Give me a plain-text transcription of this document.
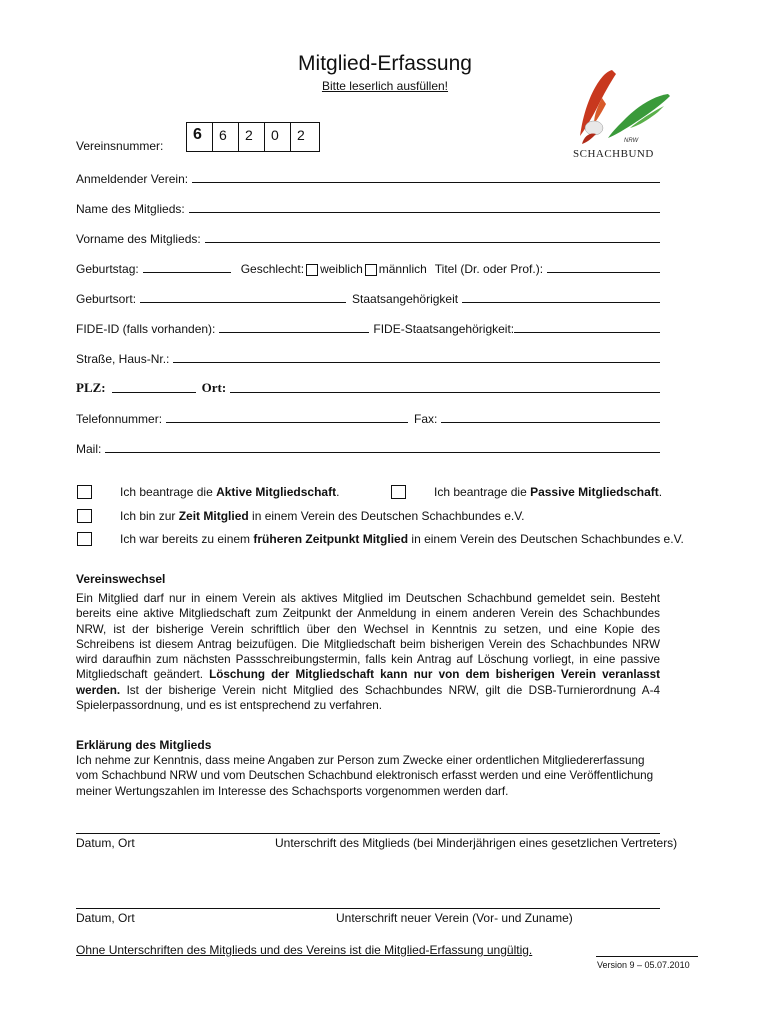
Mitglied-Erfassung
Bitte leserlich ausfüllen!
NRW
SCHACHBUND
Vereinsnummer:
6	6	2	0	2
Anmeldender Verein:
Name des Mitglieds:
Vorname des Mitglieds:
Geburtstag:	Geschlecht: weiblich männlich Titel (Dr. oder Prof.):
Geburtsort:	Staatsangehörigkeit
FIDE-ID (falls vorhanden):	FIDE-Staatsangehörigkeit:
Straße, Haus-Nr.:
PLZ:	Ort:
Telefonnummer:	Fax:
Mail:
Ich beantrage die Aktive Mitgliedschaft.	Ich beantrage die Passive Mitgliedschaft.
Ich bin zur Zeit Mitglied in einem Verein des Deutschen Schachbundes e.V.
Ich war bereits zu einem früheren Zeitpunkt Mitglied in einem Verein des Deutschen Schachbundes e.V.
Vereinswechsel
Ein Mitglied darf nur in einem Verein als aktives Mitglied im Deutschen Schachbund gemeldet sein. Besteht bereits eine aktive Mitgliedschaft zum Zeitpunkt der Anmeldung in einem anderen Verein des Schachbundes NRW, ist der bisherige Verein schriftlich über den Wechsel in Kenntnis zu setzen, und eine Kopie des Schreibens ist diesem Antrag beizufügen. Die Mitgliedschaft beim bisherigen Verein des Schachbundes NRW wird daraufhin zum nächsten Passschreibungstermin, falls kein Antrag auf Löschung vorliegt, in eine passive Mitgliedschaft geändert. Löschung der Mitgliedschaft kann nur von dem bisherigen Verein veranlasst werden. Ist der bisherige Verein nicht Mitglied des Schachbundes NRW, gilt die DSB-Turnierordnung A-4 Spielerpassordnung, und es ist entsprechend zu verfahren.
Erklärung des Mitglieds
Ich nehme zur Kenntnis, dass meine Angaben zur Person zum Zwecke einer ordentlichen Mitgliedererfassung vom Schachbund NRW und vom Deutschen Schachbund elektronisch erfasst werden und eine Veröffentlichung meiner Wertungszahlen im Interesse des Schachsports vorgenommen werden darf.
Datum, Ort	Unterschrift des Mitglieds (bei Minderjährigen eines gesetzlichen Vertreters)
Datum, Ort	Unterschrift neuer Verein (Vor- und Zuname)
Ohne Unterschriften des Mitglieds und des Vereins ist die Mitglied-Erfassung ungültig.
Version 9 – 05.07.2010
